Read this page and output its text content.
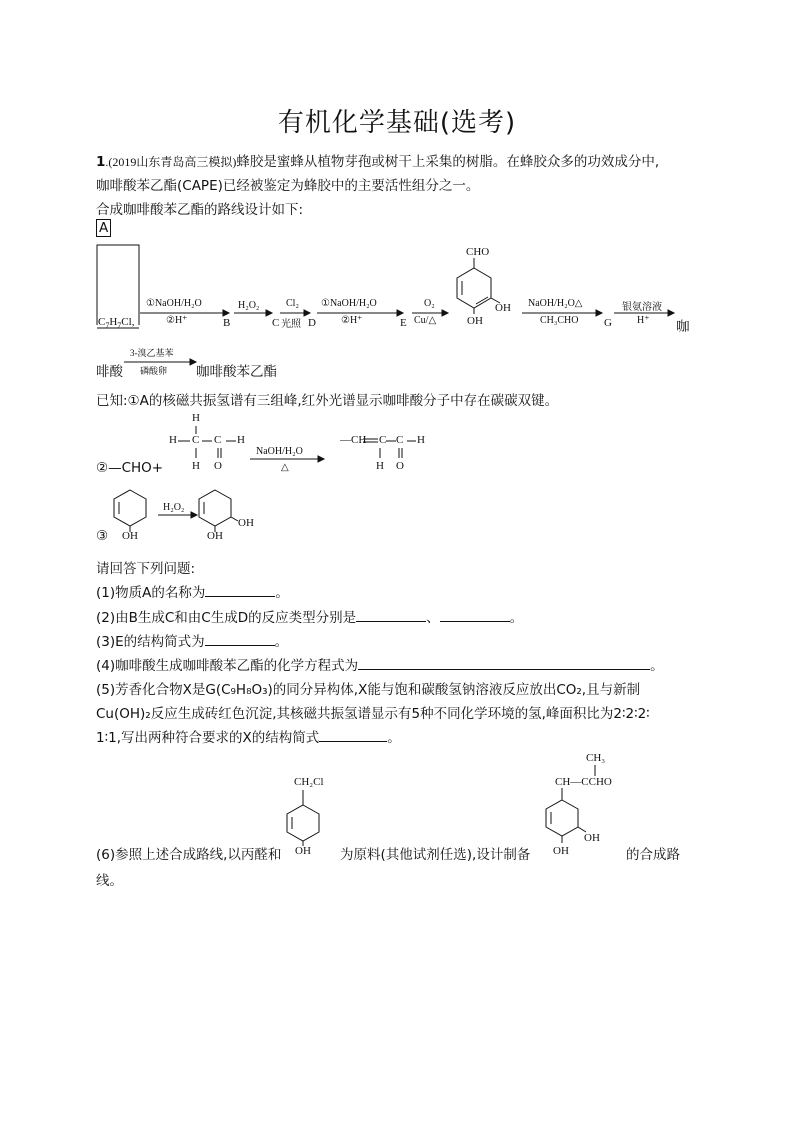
有机化学基础(选考)
1.(2019山东青岛高三模拟)蜂胶是蜜蜂从植物芽孢或树干上采集的树脂。在蜂胶众多的功效成分中,
咖啡酸苯乙酯(CAPE)已经被鉴定为蜂胶中的主要活性组分之一。
合成咖啡酸苯乙酯的路线设计如下:
A
$C_7H_7Cl$,
①NaOH/H₂O
②H⁺	B
H₂O₂
C
Cl₂
光照 D
①NaOH/H₂O
②H⁺	E
O₂
Cu/△
CHO
OH
OH NaOH/H₂O△
CH₃CHO G
银氨溶液
H⁺ 咖
啡酸
3-溴乙基苯
磷酸卵 咖啡酸苯乙酯
已知:①A的核磁共振氢谱有三组峰,红外光谱显示咖啡酸分子中存在碳碳双键。
②—CHO+
H
H C C H
H O
NaOH/H₂O
△
—CH C C H
H O
③ OH
H₂O₂
OH
OH
请回答下列问题:
(1)物质A的名称为	。
(2)由B生成C和由C生成D的反应类型分别是	、	。
(3)E的结构简式为	。
(4)咖啡酸生成咖啡酸苯乙酯的化学方程式为	。
(5)芳香化合物X是G(C₉H₈O₃)的同分异构体,X能与饱和碳酸氢钠溶液反应放出CO₂,且与新制
Cu(OH)₂反应生成砖红色沉淀,其核磁共振氢谱显示有5种不同化学环境的氢,峰面积比为2∶2∶2∶
1∶1,写出两种符合要求的X的结构简式	。
CH₂Cl
OH
CH₃
CH—CCHO
OH
OH
(6)参照上述合成路线,以丙醛和	为原料(其他试剂任选),设计制备	的合成路
线。
